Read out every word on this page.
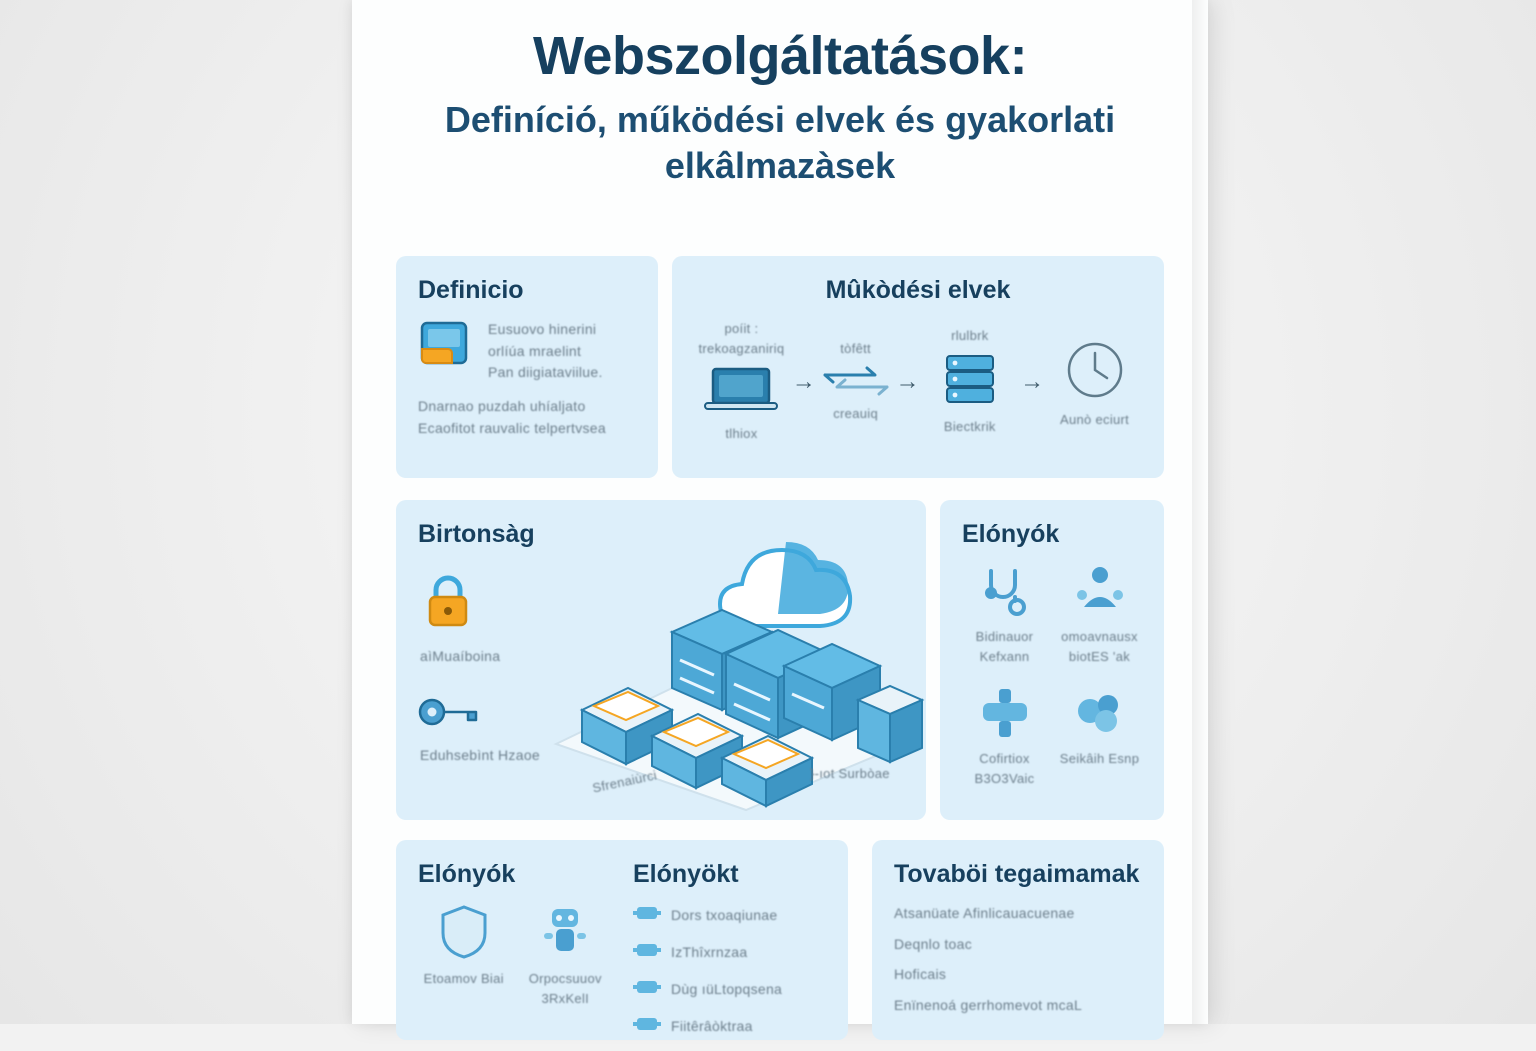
Webszolgáltatások:
Definíció, működési elvek és gyakorlati elkâlmazàsek
Definicio
Eusuovo hinerini orlíúa mraelint
Pan diigiataviilue.
Dnarnao puzdah uhíaljato
Ecaofitot rauvalic telpertvsea
Mûkòdési elvek
poíit : trekoagzaniriq
tlhiox
→
tòfêtt
creauiq
→
rlulbrk
Biectkrik
→
Aunò eciurt
Birtonsàg
aìMuaíboina
Eduhsebìnt Hzaoe
Sfrenaiùrci	}-ıot Surbòae
Elónyók
Bidinauor Kefxann
omoavnausx biotES 'ak
Cofirtiox B3O3Vaic
Seikâih Esnp
Elónyók
Etoamov Biai	Orpocsuuov 3RxKelI
Elónyökt
Dors txoaqiunae
IzThîxrnzaa
Dùg ıüLtopqsena
Fiitêrâòktraa
Tovaböi tegaimamak
Atsanüate Afinlicauacuenae
Deqnlo toac
Hoficais
Enïnenoá gerrhomevot mcaL
